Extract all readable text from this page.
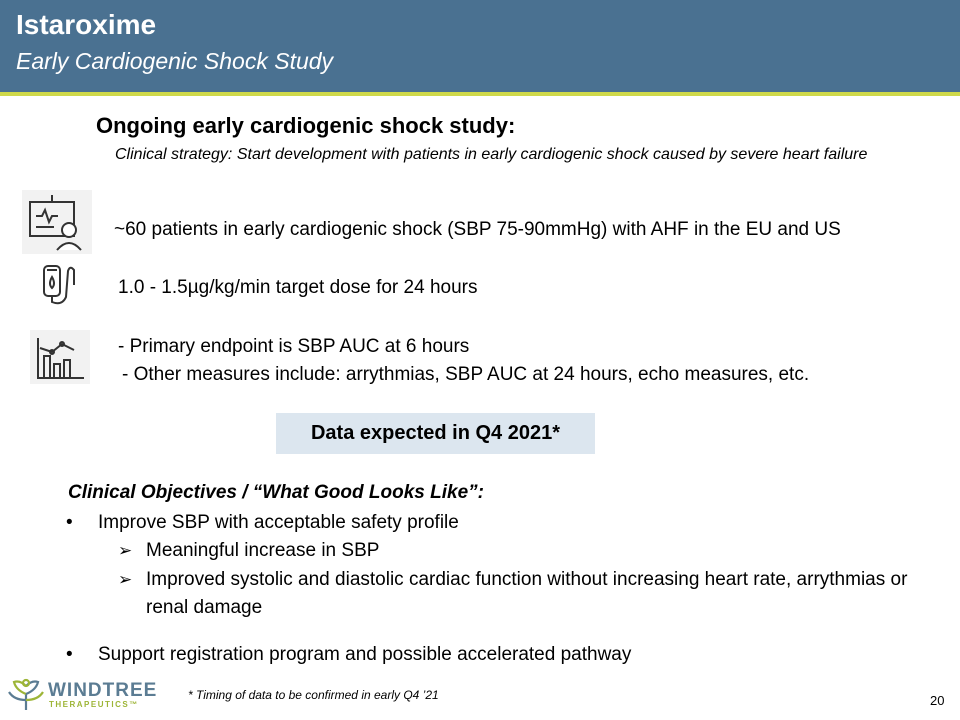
Istaroxime
Early Cardiogenic Shock Study
Ongoing early cardiogenic shock study:
Clinical strategy: Start development with patients in early cardiogenic shock caused by severe heart failure
~60 patients in early cardiogenic shock (SBP 75-90mmHg) with AHF in the EU and US
1.0 - 1.5µg/kg/min target dose for 24 hours
- Primary endpoint is SBP AUC at 6 hours
- Other measures include: arrythmias, SBP AUC at 24 hours, echo measures, etc.
Data expected in Q4 2021*
Clinical Objectives / “What Good Looks Like”:
• Improve SBP with acceptable safety profile
➢ Meaningful increase in SBP
➢ Improved systolic and diastolic cardiac function without increasing heart rate, arrythmias or renal damage
• Support registration program and possible accelerated pathway
WINDTREE
THERAPEUTICS™
* Timing of data to be confirmed in early Q4 ’21	20
